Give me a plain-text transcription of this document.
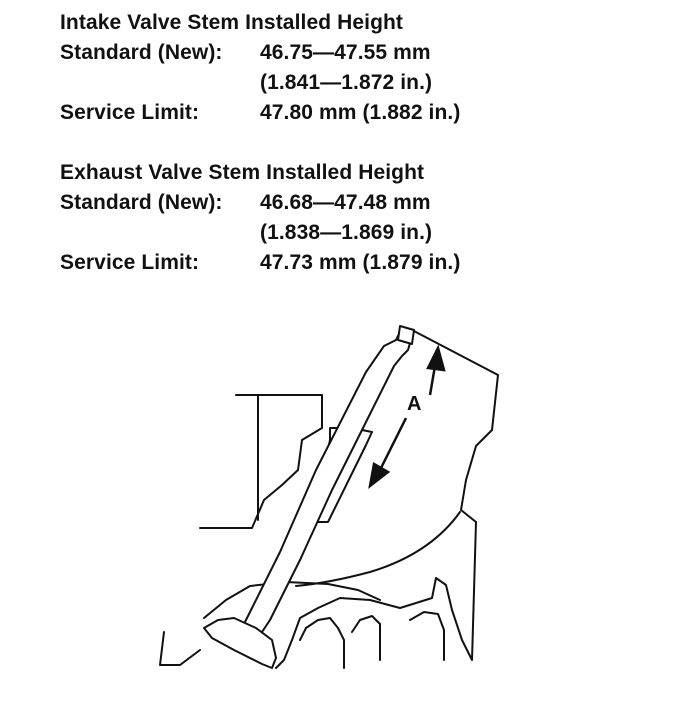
Intake Valve Stem Installed Height
Standard (New):	46.75—47.55 mm
(1.841—1.872 in.)
Service Limit:	47.80 mm (1.882 in.)
Exhaust Valve Stem Installed Height
Standard (New):	46.68—47.48 mm
(1.838—1.869 in.)
Service Limit:	47.73 mm (1.879 in.)
A
